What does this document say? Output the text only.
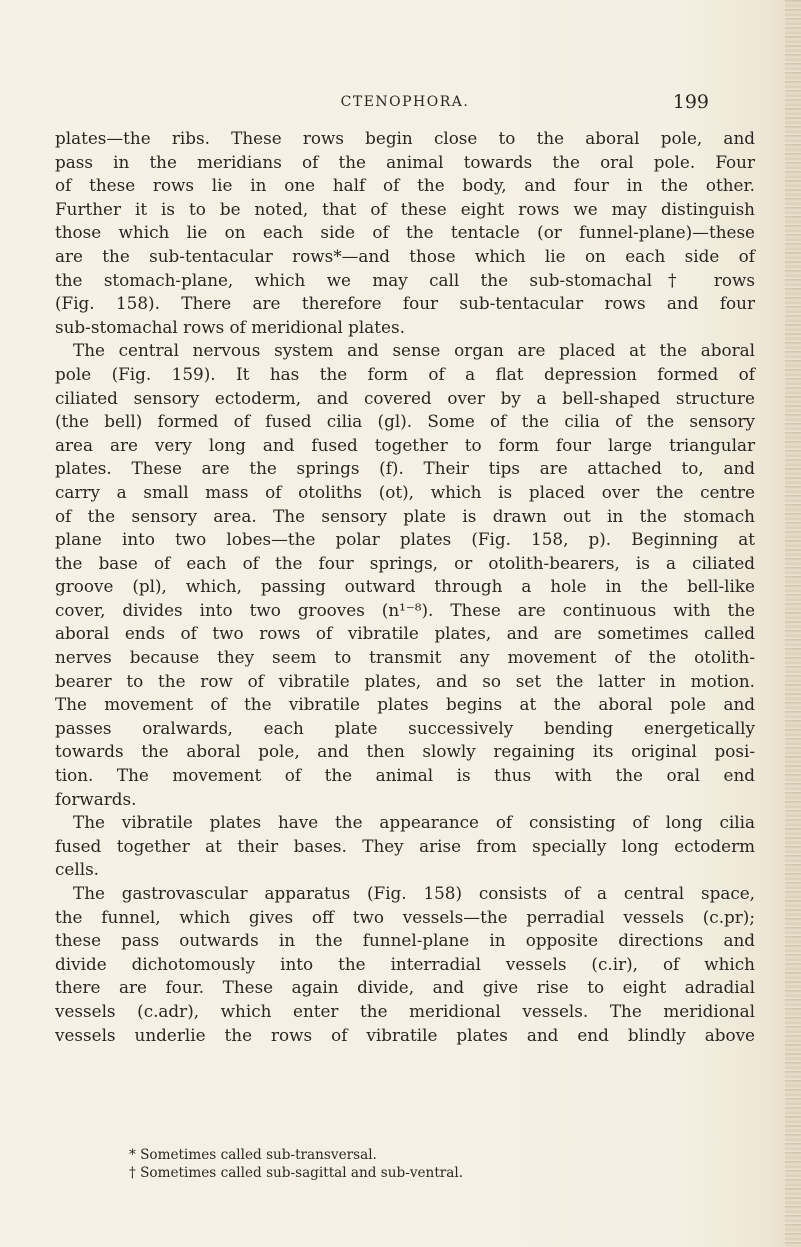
CTENOPHORA.	199
plates—the ribs. These rows begin close to the aboral pole, and
pass in the meridians of the animal towards the oral pole. Four
of these rows lie in one half of the body, and four in the other.
Further it is to be noted, that of these eight rows we may distinguish
those which lie on each side of the tentacle (or funnel-plane)—these
are the sub-tentacular rows*—and those which lie on each side of
the stomach-plane, which we may call the sub-stomachal† rows
(Fig. 158). There are therefore four sub-tentacular rows and four
sub-stomachal rows of meridional plates.
The central nervous system and sense organ are placed at the aboral
pole (Fig. 159). It has the form of a flat depression formed of
ciliated sensory ectoderm, and covered over by a bell-shaped structure
(the bell) formed of fused cilia (gl). Some of the cilia of the sensory
area are very long and fused together to form four large triangular
plates. These are the springs (f). Their tips are attached to, and
carry a small mass of otoliths (ot), which is placed over the centre
of the sensory area. The sensory plate is drawn out in the stomach
plane into two lobes—the polar plates (Fig. 158, p). Beginning at
the base of each of the four springs, or otolith-bearers, is a ciliated
groove (pl), which, passing outward through a hole in the bell-like
cover, divides into two grooves (n¹⁻⁸). These are continuous with the
aboral ends of two rows of vibratile plates, and are sometimes called
nerves because they seem to transmit any movement of the otolith-
bearer to the row of vibratile plates, and so set the latter in motion.
The movement of the vibratile plates begins at the aboral pole and
passes oralwards, each plate successively bending energetically
towards the aboral pole, and then slowly regaining its original posi-
tion. The movement of the animal is thus with the oral end
forwards.
The vibratile plates have the appearance of consisting of long cilia
fused together at their bases. They arise from specially long ectoderm
cells.
The gastrovascular apparatus (Fig. 158) consists of a central space,
the funnel, which gives off two vessels—the perradial vessels (c.pr);
these pass outwards in the funnel-plane in opposite directions and
divide dichotomously into the interradial vessels (c.ir), of which
there are four. These again divide, and give rise to eight adradial
vessels (c.adr), which enter the meridional vessels. The meridional
vessels underlie the rows of vibratile plates and end blindly above
* Sometimes called sub-transversal.
† Sometimes called sub-sagittal and sub-ventral.
